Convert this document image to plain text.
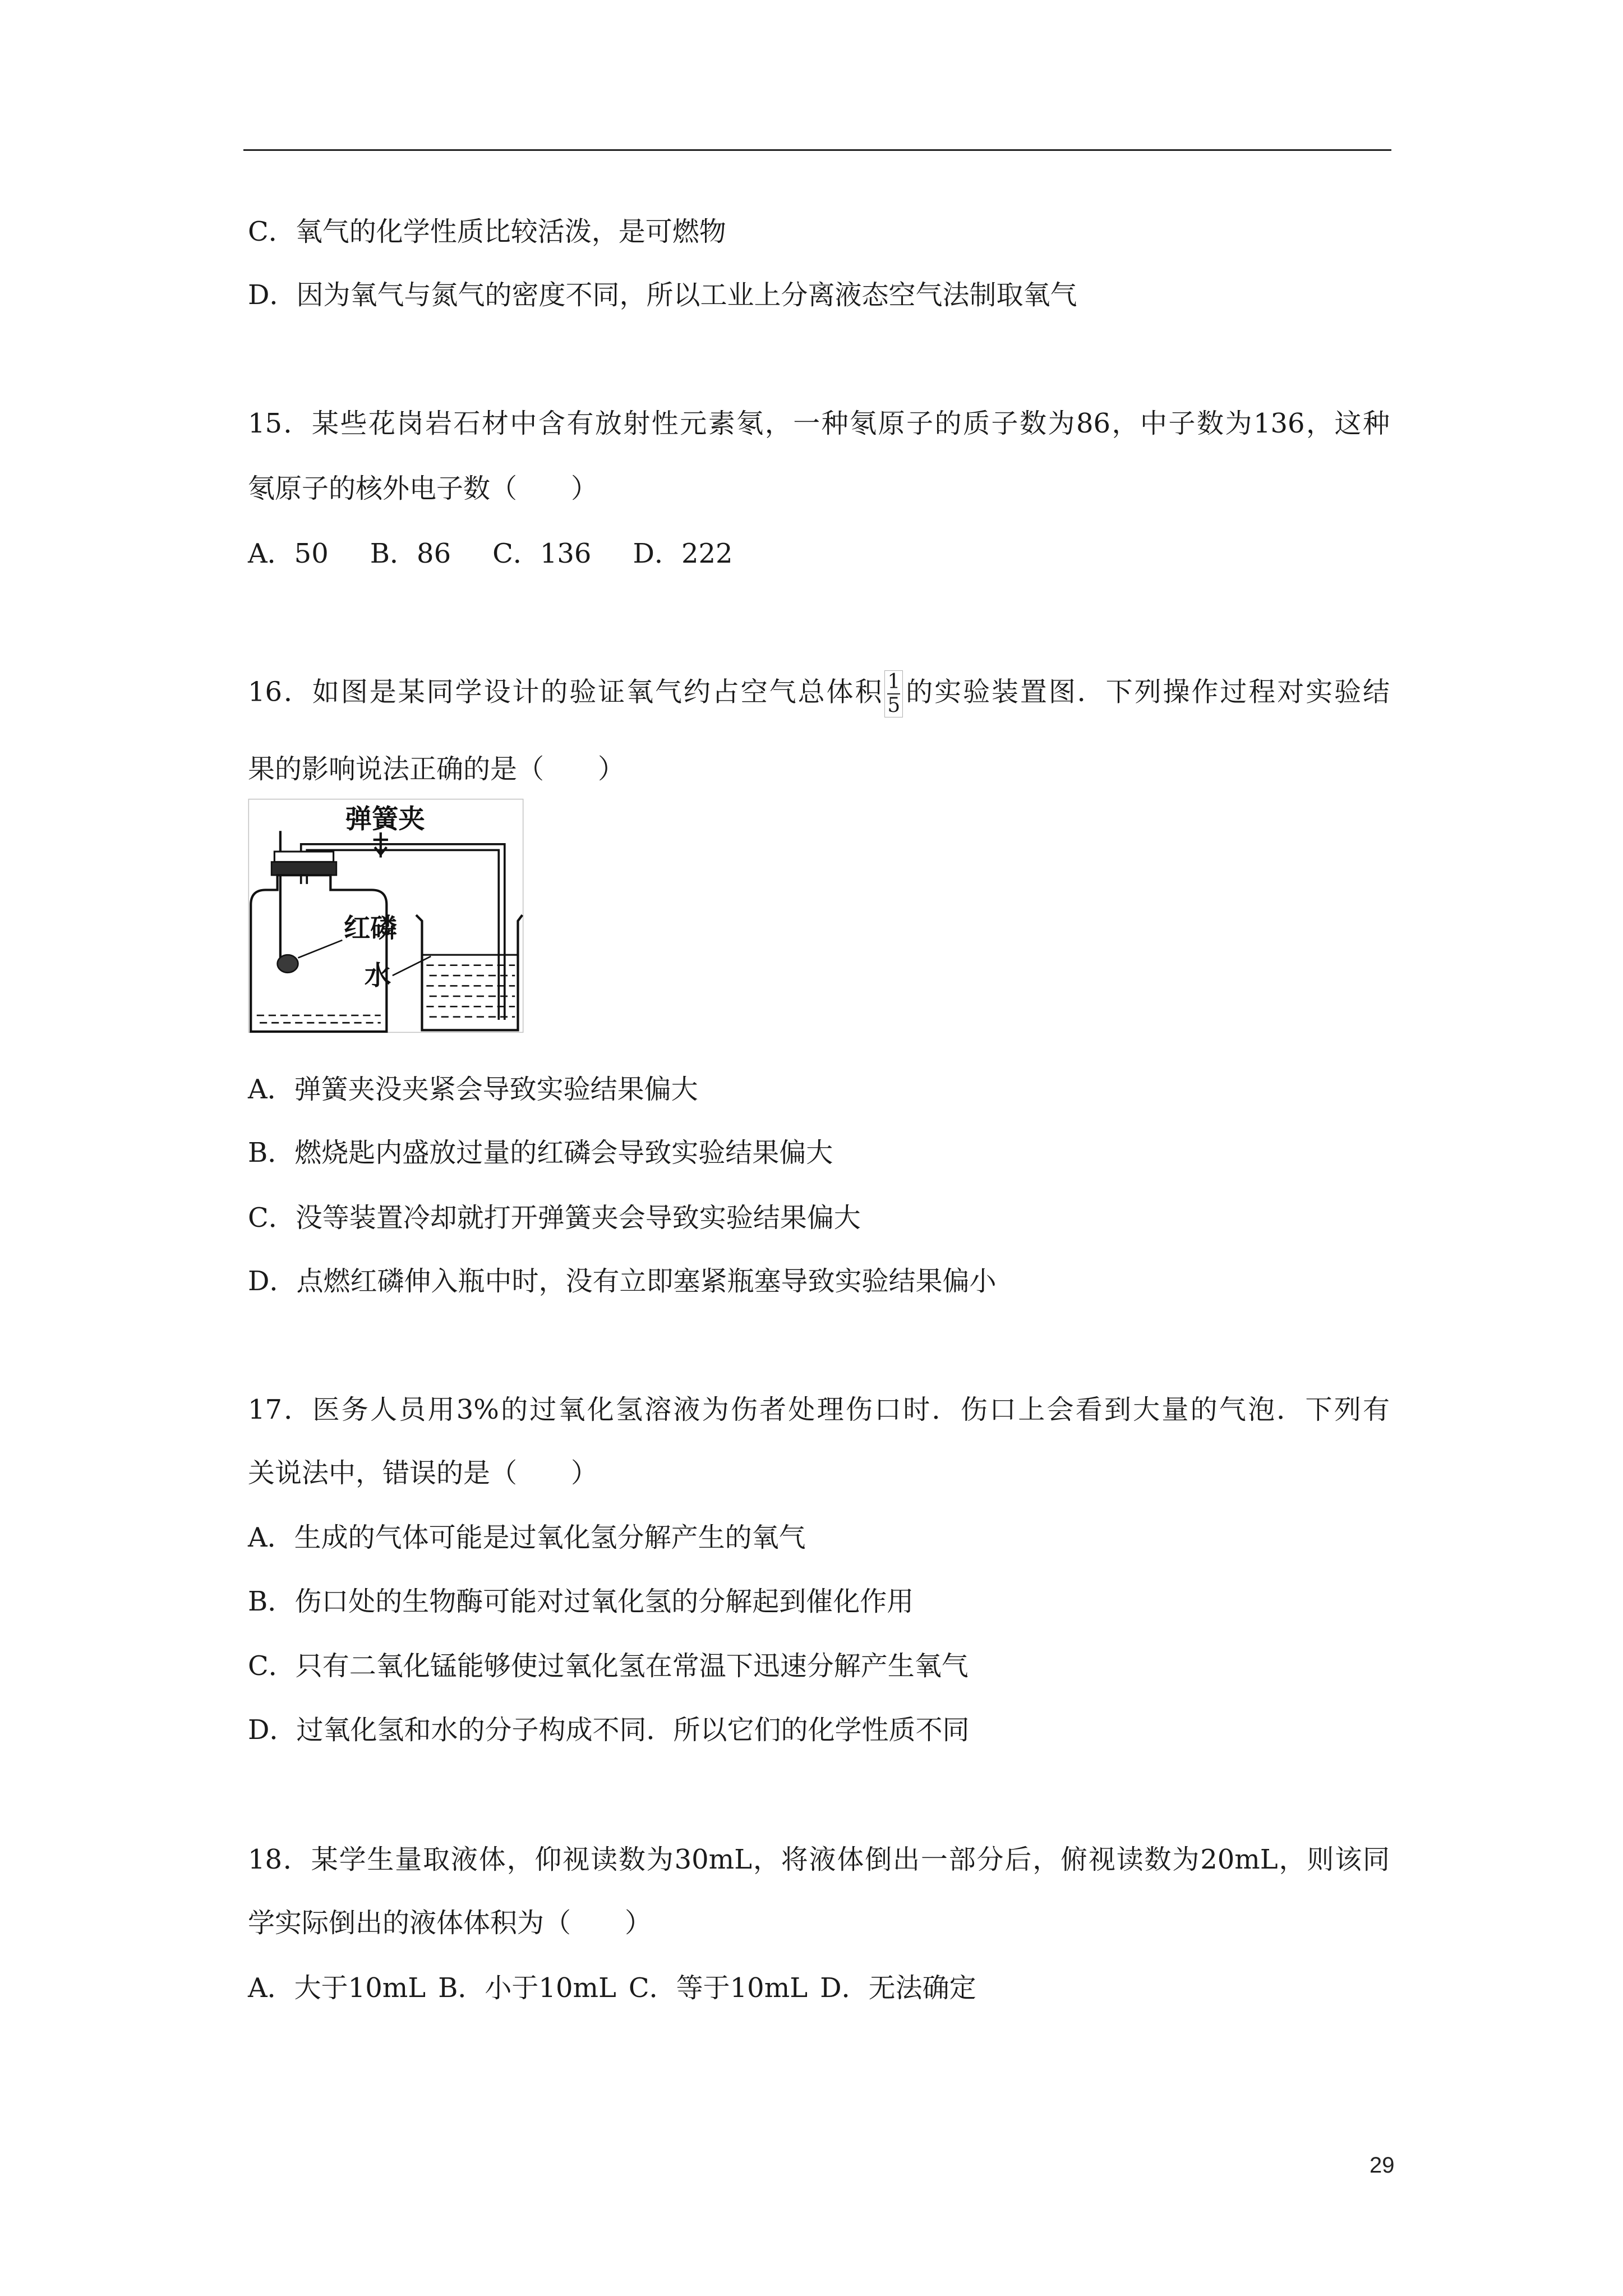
C．氧气的化学性质比较活泼，是可燃物
D．因为氧气与氮气的密度不同，所以工业上分离液态空气法制取氧气
15．某些花岗岩石材中含有放射性元素氡，一种氡原子的质子数为86，中子数为136，这种
氡原子的核外电子数（　　）
A．50 B．86 C．136 D．222
16．如图是某同学设计的验证氧气约占空气总体积 $\frac{1}{5}$ 的实验装置图．下列操作过程对实验结
果的影响说法正确的是（　　）
弹簧夹
红磷
水
A．弹簧夹没夹紧会导致实验结果偏大
B．燃烧匙内盛放过量的红磷会导致实验结果偏大
C．没等装置冷却就打开弹簧夹会导致实验结果偏大
D．点燃红磷伸入瓶中时，没有立即塞紧瓶塞导致实验结果偏小
17．医务人员用3%的过氧化氢溶液为伤者处理伤口时．伤口上会看到大量的气泡．下列有
关说法中，错误的是（　　）
A．生成的气体可能是过氧化氢分解产生的氧气
B．伤口处的生物酶可能对过氧化氢的分解起到催化作用
C．只有二氧化锰能够使过氧化氢在常温下迅速分解产生氧气
D．过氧化氢和水的分子构成不同．所以它们的化学性质不同
18．某学生量取液体，仰视读数为30mL，将液体倒出一部分后，俯视读数为20mL，则该同
学实际倒出的液体体积为（　　）
A．大于10mL B．小于10mL C．等于10mL D．无法确定
29
